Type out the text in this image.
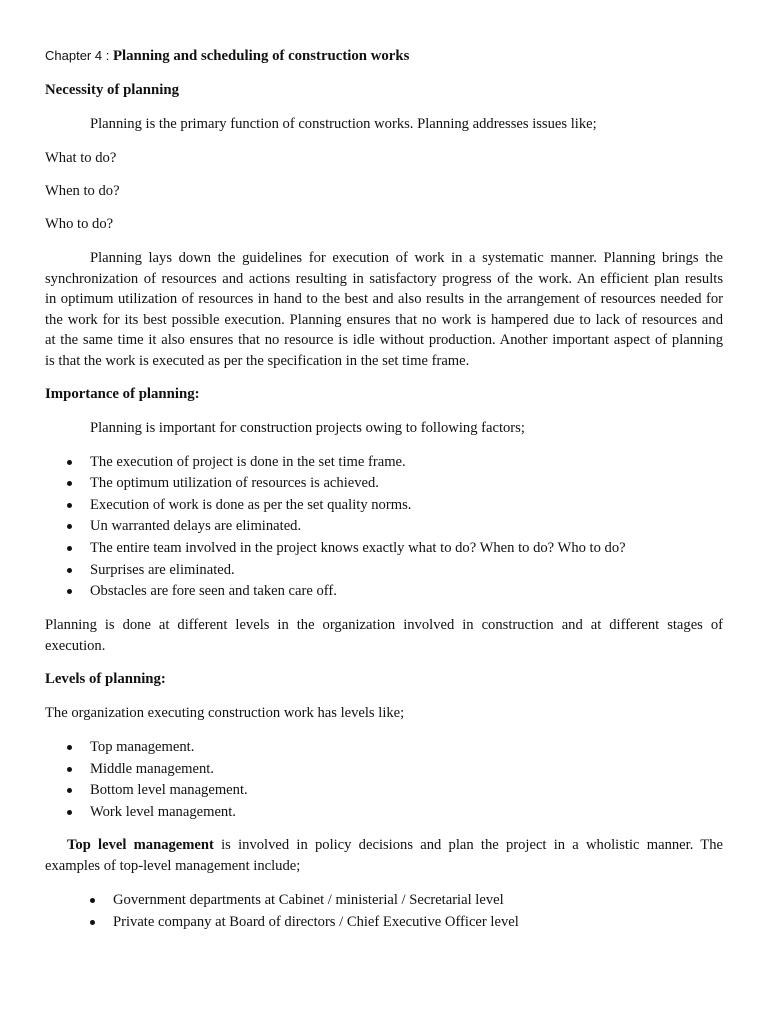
Chapter 4 : Planning and scheduling of construction works
Necessity of planning
Planning is the primary function of construction works. Planning addresses issues like;
What to do?
When to do?
Who to do?
Planning lays down the guidelines for execution of work in a systematic manner. Planning brings the
synchronization of resources and actions resulting in satisfactory progress of the work. An efficient plan results
in optimum utilization of resources in hand to the best and also results in the arrangement of resources needed for
the work for its best possible execution. Planning ensures that no work is hampered due to lack of resources and
at the same time it also ensures that no resource is idle without production. Another important aspect of planning
is that the work is executed as per the specification in the set time frame.
Importance of planning:
Planning is important for construction projects owing to following factors;
The execution of project is done in the set time frame.
The optimum utilization of resources is achieved.
Execution of work is done as per the set quality norms.
Un warranted delays are eliminated.
The entire team involved in the project knows exactly what to do? When to do? Who to do?
Surprises are eliminated.
Obstacles are fore seen and taken care off.
Planning is done at different levels in the organization involved in construction and at different stages of
execution.
Levels of planning:
The organization executing construction work has levels like;
Top management.
Middle management.
Bottom level management.
Work level management.
Top level management is involved in policy decisions and plan the project in a wholistic manner. The
examples of top-level management include;
Government departments at Cabinet / ministerial / Secretarial level
Private company at Board of directors / Chief Executive Officer level
